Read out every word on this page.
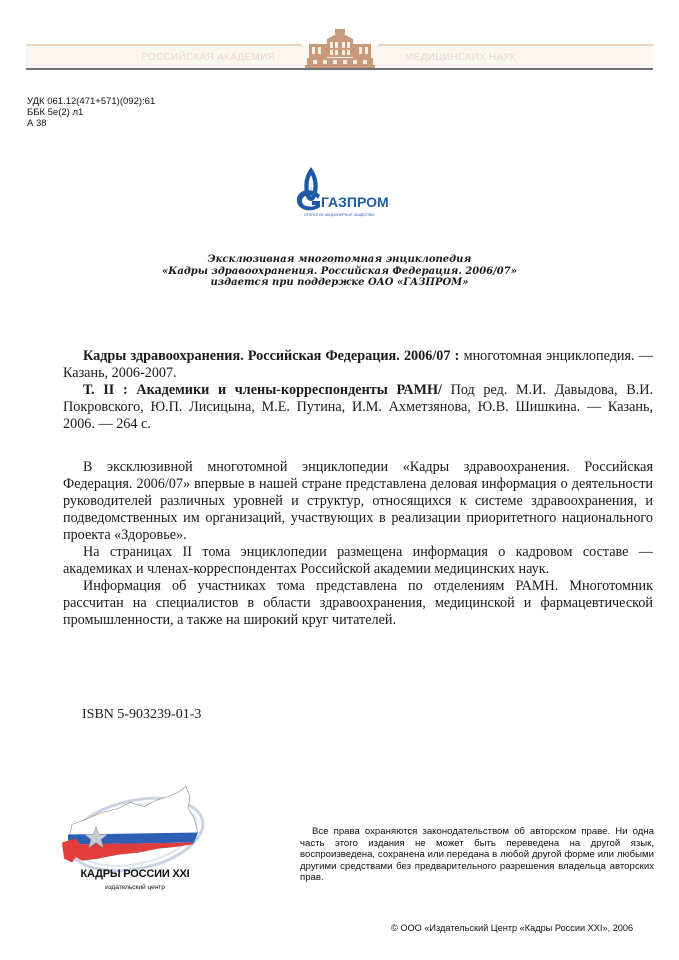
РОССИЙСКАЯ АКАДЕМИЯ	МЕДИЦИНСКИХ НАУК
УДК 061.12(471+571)(092):61
ББК 5е(2) л1
А 38
ГАЗПРОМ
ОТКРЫТОЕ АКЦИОНЕРНОЕ ОБЩЕСТВО
Эксклюзивная многотомная энциклопедия
«Кадры здравоохранения. Российская Федерация. 2006/07»
издается при поддержке ОАО «ГАЗПРОМ»

Кадры здравоохранения. Российская Федерация. 2006/07 : многотомная энциклопедия. — Казань, 2006-2007.

Т. II : Академики и члены-корреспонденты РАМН/ Под ред. М.И. Давыдова, В.И. Покровского, Ю.П. Лисицына, М.Е. Путина, И.М. Ахметзянова, Ю.В. Шишкина. — Казань, 2006. — 264 с.

В эксклюзивной многотомной энциклопедии «Кадры здравоохранения. Российская Федерация. 2006/07» впервые в нашей стране представлена деловая информация о деятельности руководителей различных уровней и структур, относящихся к системе здравоохранения, и подведомственных им организаций, участвующих в реализации приоритетного национального проекта «Здоровье».

На страницах II тома энциклопедии размещена информация о кадровом составе — академиках и членах-корреспондентах Российской академии медицинских наук.

Информация об участниках тома представлена по отделениям РАМН. Многотомник рассчитан на специалистов в области здравоохранения, медицинской и фармацевтической промышленности, а также на широкий круг читателей.

ISBN 5-903239-01-3
КАДРЫ РОССИИ XXI
издательский центр

Все права охраняются законодательством об авторском праве. Ни одна часть этого издания не может быть переведена на другой язык, воспроизведена, сохранена или передана в любой другой форме или любыми другими средствами без предварительного разрешения владельца авторских прав.

© ООО «Издательский Центр «Кадры России XXI», 2006
